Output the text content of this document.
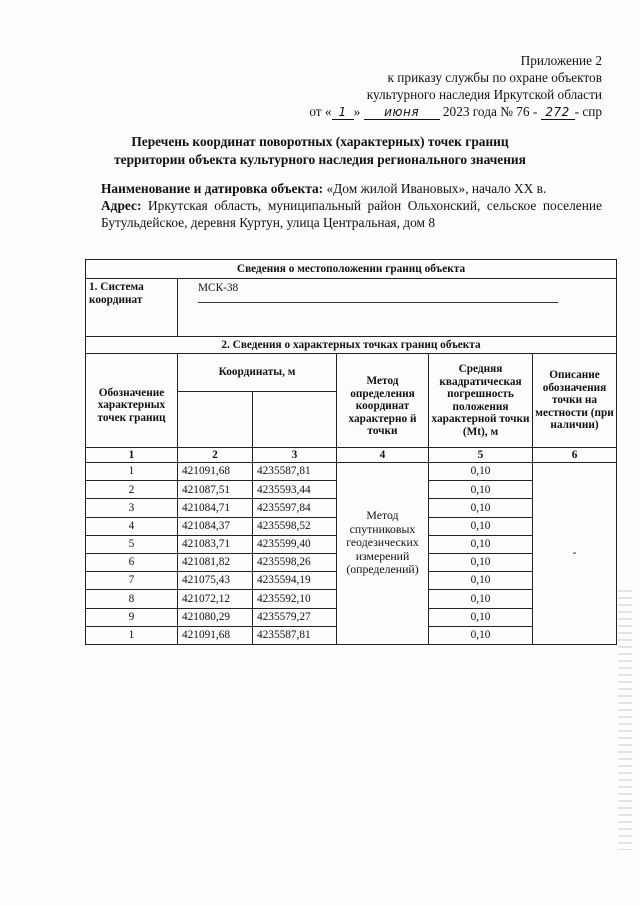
Приложение 2
к приказу службы по охране объектов
культурного наследия Иркутской области
от « 1 » июня 2023 года № 76 - 272 - спр
Перечень координат поворотных (характерных) точек границ
территории объекта культурного наследия регионального значения
Наименование и датировка объекта: «Дом жилой Ивановых», начало XX в.
Адрес: Иркутская область, муниципальный район Ольхонский, сельское поселение Бутульдейское, деревня Куртун, улица Центральная, дом 8
Сведения о местоположении границ объекта					
1. Система координат	МСК-38				

2. Сведения о характерных точках границ объекта					
Обозначение характерных точек границ	Координаты, м		Метод определения координат характерно й точки	Средняя квадратическая погрешность положения характерной точки (Mt), м	Описание обозначения точки на местности (при наличии)

1	2	3	4	5	6
1	421091,68	4235587,81	Метод спутниковых геодезических измерений (определений)	0,10	-
2	421087,51	4235593,44		0,10	
3	421084,71	4235597,84		0,10	
4	421084,37	4235598,52		0,10	
5	421083,71	4235599,40		0,10	
6	421081,82	4235598,26		0,10	
7	421075,43	4235594,19		0,10	
8	421072,12	4235592,10		0,10	
9	421080,29	4235579,27		0,10	
1	421091,68	4235587,81		0,10	
